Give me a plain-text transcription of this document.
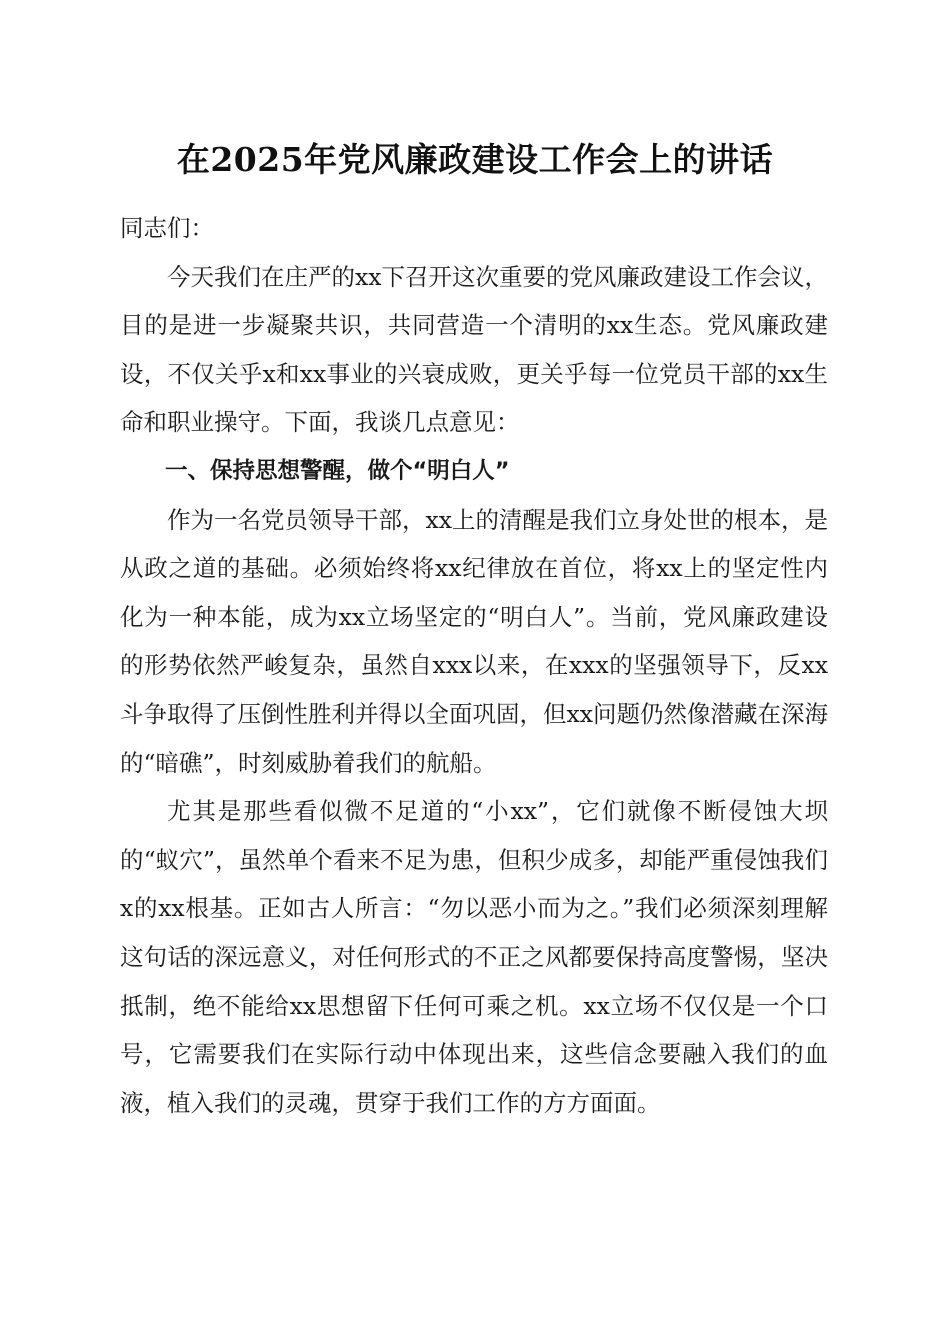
在2025年党风廉政建设工作会上的讲话

同志们：

今天我们在庄严的xx下召开这次重要的党风廉政建设工作会议，目的是进一步凝聚共识，共同营造一个清明的xx生态。党风廉政建设，不仅关乎x和xx事业的兴衰成败，更关乎每一位党员干部的xx生命和职业操守。下面，我谈几点意见：

一、保持思想警醒，做个“明白人”

作为一名党员领导干部，xx上的清醒是我们立身处世的根本，是从政之道的基础。必须始终将xx纪律放在首位，将xx上的坚定性内化为一种本能，成为xx立场坚定的“明白人”。当前，党风廉政建设的形势依然严峻复杂，虽然自xxx以来，在xxx的坚强领导下，反xx斗争取得了压倒性胜利并得以全面巩固，但xx问题仍然像潜藏在深海的“暗礁”，时刻威胁着我们的航船。

尤其是那些看似微不足道的“小xx”，它们就像不断侵蚀大坝的“蚁穴”，虽然单个看来不足为患，但积少成多，却能严重侵蚀我们x的xx根基。正如古人所言：“勿以恶小而为之。”我们必须深刻理解这句话的深远意义，对任何形式的不正之风都要保持高度警惕，坚决抵制，绝不能给xx思想留下任何可乘之机。xx立场不仅仅是一个口号，它需要我们在实际行动中体现出来，这些信念要融入我们的血液，植入我们的灵魂，贯穿于我们工作的方方面面。
